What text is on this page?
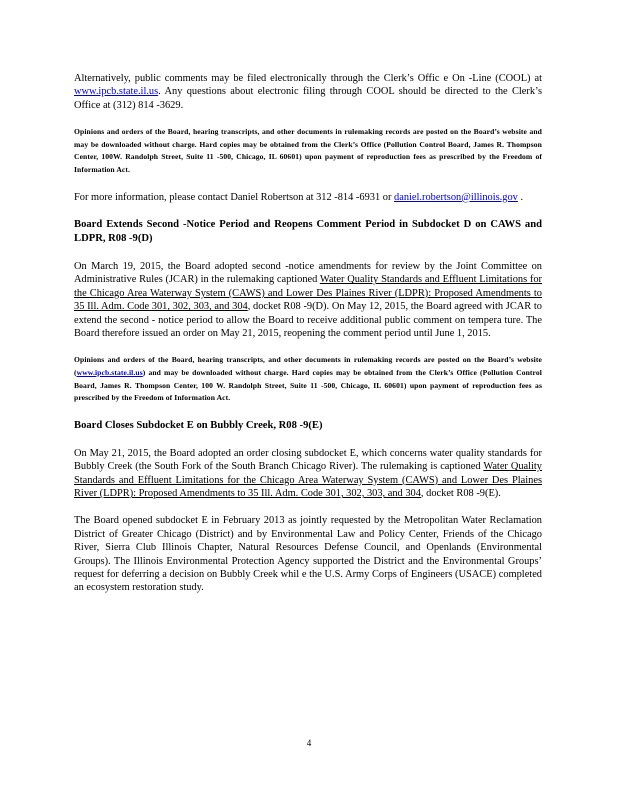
Alternatively, public comments may be filed electronically through the Clerk’s Offic e On -Line (COOL) at www.ipcb.state.il.us. Any questions about electronic filing through COOL should be directed to the Clerk’s Office at (312) 814 -3629.

Opinions and orders of the Board, hearing transcripts, and other documents in rulemaking records are posted on the Board’s website and may be downloaded without charge. Hard copies may be obtained from the Clerk’s Office (Pollution Control Board, James R. Thompson Center, 100W. Randolph Street, Suite 11 -500, Chicago, IL 60601) upon payment of reproduction fees as prescribed by the Freedom of Information Act.

For more information, please contact Daniel Robertson at 312 -814 -6931 or daniel.robertson@illinois.gov .

Board Extends Second -Notice Period and Reopens Comment Period in Subdocket D on CAWS and LDPR, R08 -9(D)

On March 19, 2015, the Board adopted second -notice amendments for review by the Joint Committee on Administrative Rules (JCAR) in the rulemaking captioned Water Quality Standards and Effluent Limitations for the Chicago Area Waterway System (CAWS) and Lower Des Plaines River (LDPR): Proposed Amendments to 35 Ill. Adm. Code 301, 302, 303, and 304, docket R08 -9(D). On May 12, 2015, the Board agreed with JCAR to extend the second - notice period to allow the Board to receive additional public comment on tempera ture. The Board therefore issued an order on May 21, 2015, reopening the comment period until June 1, 2015.

Opinions and orders of the Board, hearing transcripts, and other documents in rulemaking records are posted on the Board’s website (www.ipcb.state.il.us) and may be downloaded without charge. Hard copies may be obtained from the Clerk’s Office (Pollution Control Board, James R. Thompson Center, 100 W. Randolph Street, Suite 11 -500, Chicago, IL 60601) upon payment of reproduction fees as prescribed by the Freedom of Information Act.

Board Closes Subdocket E on Bubbly Creek, R08 -9(E)

On May 21, 2015, the Board adopted an order closing subdocket E, which concerns water quality standards for Bubbly Creek (the South Fork of the South Branch Chicago River). The rulemaking is captioned Water Quality Standards and Effluent Limitations for the Chicago Area Waterway System (CAWS) and Lower Des Plaines River (LDPR): Proposed Amendments to 35 Ill. Adm. Code 301, 302, 303, and 304, docket R08 -9(E).

The Board opened subdocket E in February 2013 as jointly requested by the Metropolitan Water Reclamation District of Greater Chicago (District) and by Environmental Law and Policy Center, Friends of the Chicago River, Sierra Club Illinois Chapter, Natural Resources Defense Council, and Openlands (Environmental Groups). The Illinois Environmental Protection Agency supported the District and the Environmental Groups’ request for deferring a decision on Bubbly Creek whil e the U.S. Army Corps of Engineers (USACE) completed an ecosystem restoration study.

4
